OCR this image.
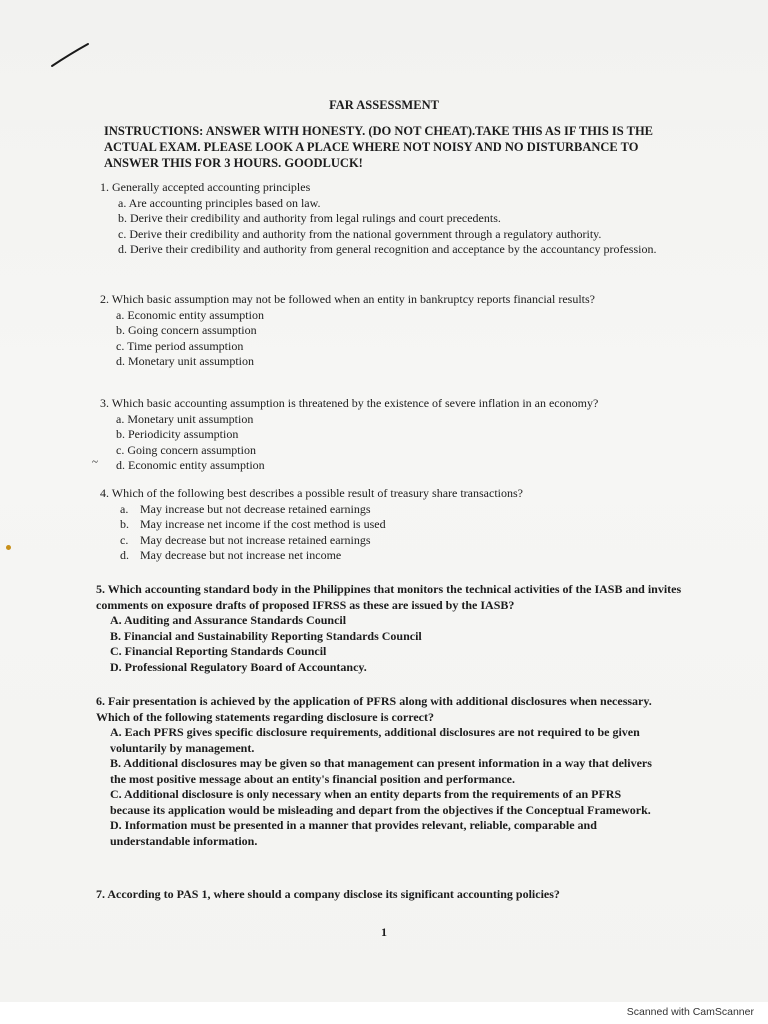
FAR ASSESSMENT
INSTRUCTIONS: ANSWER WITH HONESTY. (DO NOT CHEAT).TAKE THIS AS IF THIS IS THE ACTUAL EXAM. PLEASE LOOK A PLACE WHERE NOT NOISY AND NO DISTURBANCE TO ANSWER THIS FOR 3 HOURS. GOODLUCK!
1. Generally accepted accounting principles
a. Are accounting principles based on law.
b. Derive their credibility and authority from legal rulings and court precedents.
c. Derive their credibility and authority from the national government through a regulatory authority.
d. Derive their credibility and authority from general recognition and acceptance by the accountancy profession.
2. Which basic assumption may not be followed when an entity in bankruptcy reports financial results?
a. Economic entity assumption
b. Going concern assumption
c. Time period assumption
d. Monetary unit assumption
3. Which basic accounting assumption is threatened by the existence of severe inflation in an economy?
a. Monetary unit assumption
b. Periodicity assumption
c. Going concern assumption
d. Economic entity assumption
~
4. Which of the following best describes a possible result of treasury share transactions?
a. May increase but not decrease retained earnings
b. May increase net income if the cost method is used
c. May decrease but not increase retained earnings
d. May decrease but not increase net income
5. Which accounting standard body in the Philippines that monitors the technical activities of the IASB and invites comments on exposure drafts of proposed IFRSS as these are issued by the IASB?
A. Auditing and Assurance Standards Council
B. Financial and Sustainability Reporting Standards Council
C. Financial Reporting Standards Council
D. Professional Regulatory Board of Accountancy.
6. Fair presentation is achieved by the application of PFRS along with additional disclosures when necessary. Which of the following statements regarding disclosure is correct?
A. Each PFRS gives specific disclosure requirements, additional disclosures are not required to be given voluntarily by management.
B. Additional disclosures may be given so that management can present information in a way that delivers the most positive message about an entity's financial position and performance.
C. Additional disclosure is only necessary when an entity departs from the requirements of an PFRS because its application would be misleading and depart from the objectives if the Conceptual Framework.
D. Information must be presented in a manner that provides relevant, reliable, comparable and understandable information.
7. According to PAS 1, where should a company disclose its significant accounting policies?
1
Scanned with CamScanner
